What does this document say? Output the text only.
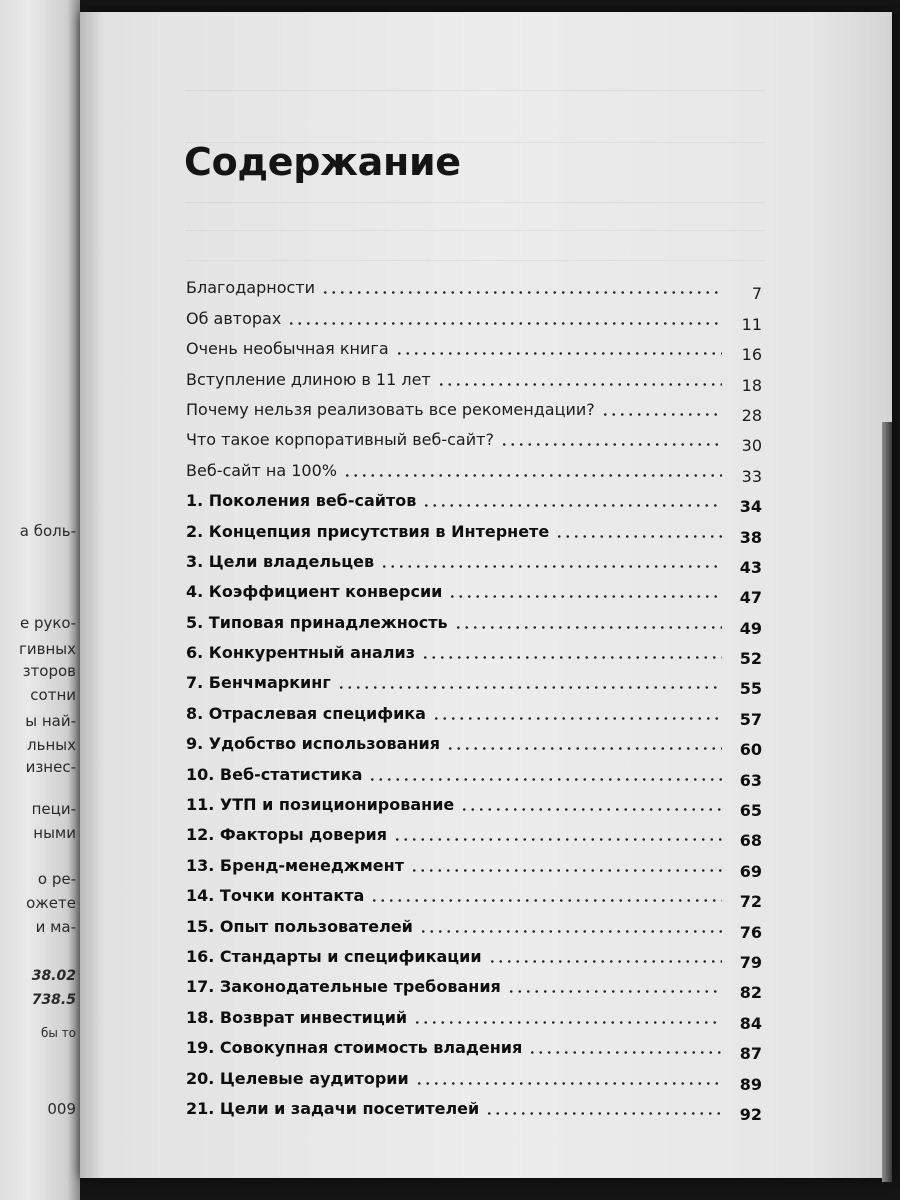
а боль-
е руко-
гивных
зторов
сотни
ы най-
льных
изнес-
пеци-
ными
о ре-
ожете
и ма-
38.02
738.5
бы то
009
Содержание
Благодарности	7
Об авторах	11
Очень необычная книга	16
Вступление длиною в 11 лет	18
Почему нельзя реализовать все рекомендации?	28
Что такое корпоративный веб-сайт?	30
Веб-сайт на 100%	33
1. Поколения веб-сайтов	34
2. Концепция присутствия в Интернете	38
3. Цели владельцев	43
4. Коэффициент конверсии	47
5. Типовая принадлежность	49
6. Конкурентный анализ	52
7. Бенчмаркинг	55
8. Отраслевая специфика	57
9. Удобство использования	60
10. Веб-статистика	63
11. УТП и позиционирование	65
12. Факторы доверия	68
13. Бренд-менеджмент	69
14. Точки контакта	72
15. Опыт пользователей	76
16. Стандарты и спецификации	79
17. Законодательные требования	82
18. Возврат инвестиций	84
19. Совокупная стоимость владения	87
20. Целевые аудитории	89
21. Цели и задачи посетителей	92
